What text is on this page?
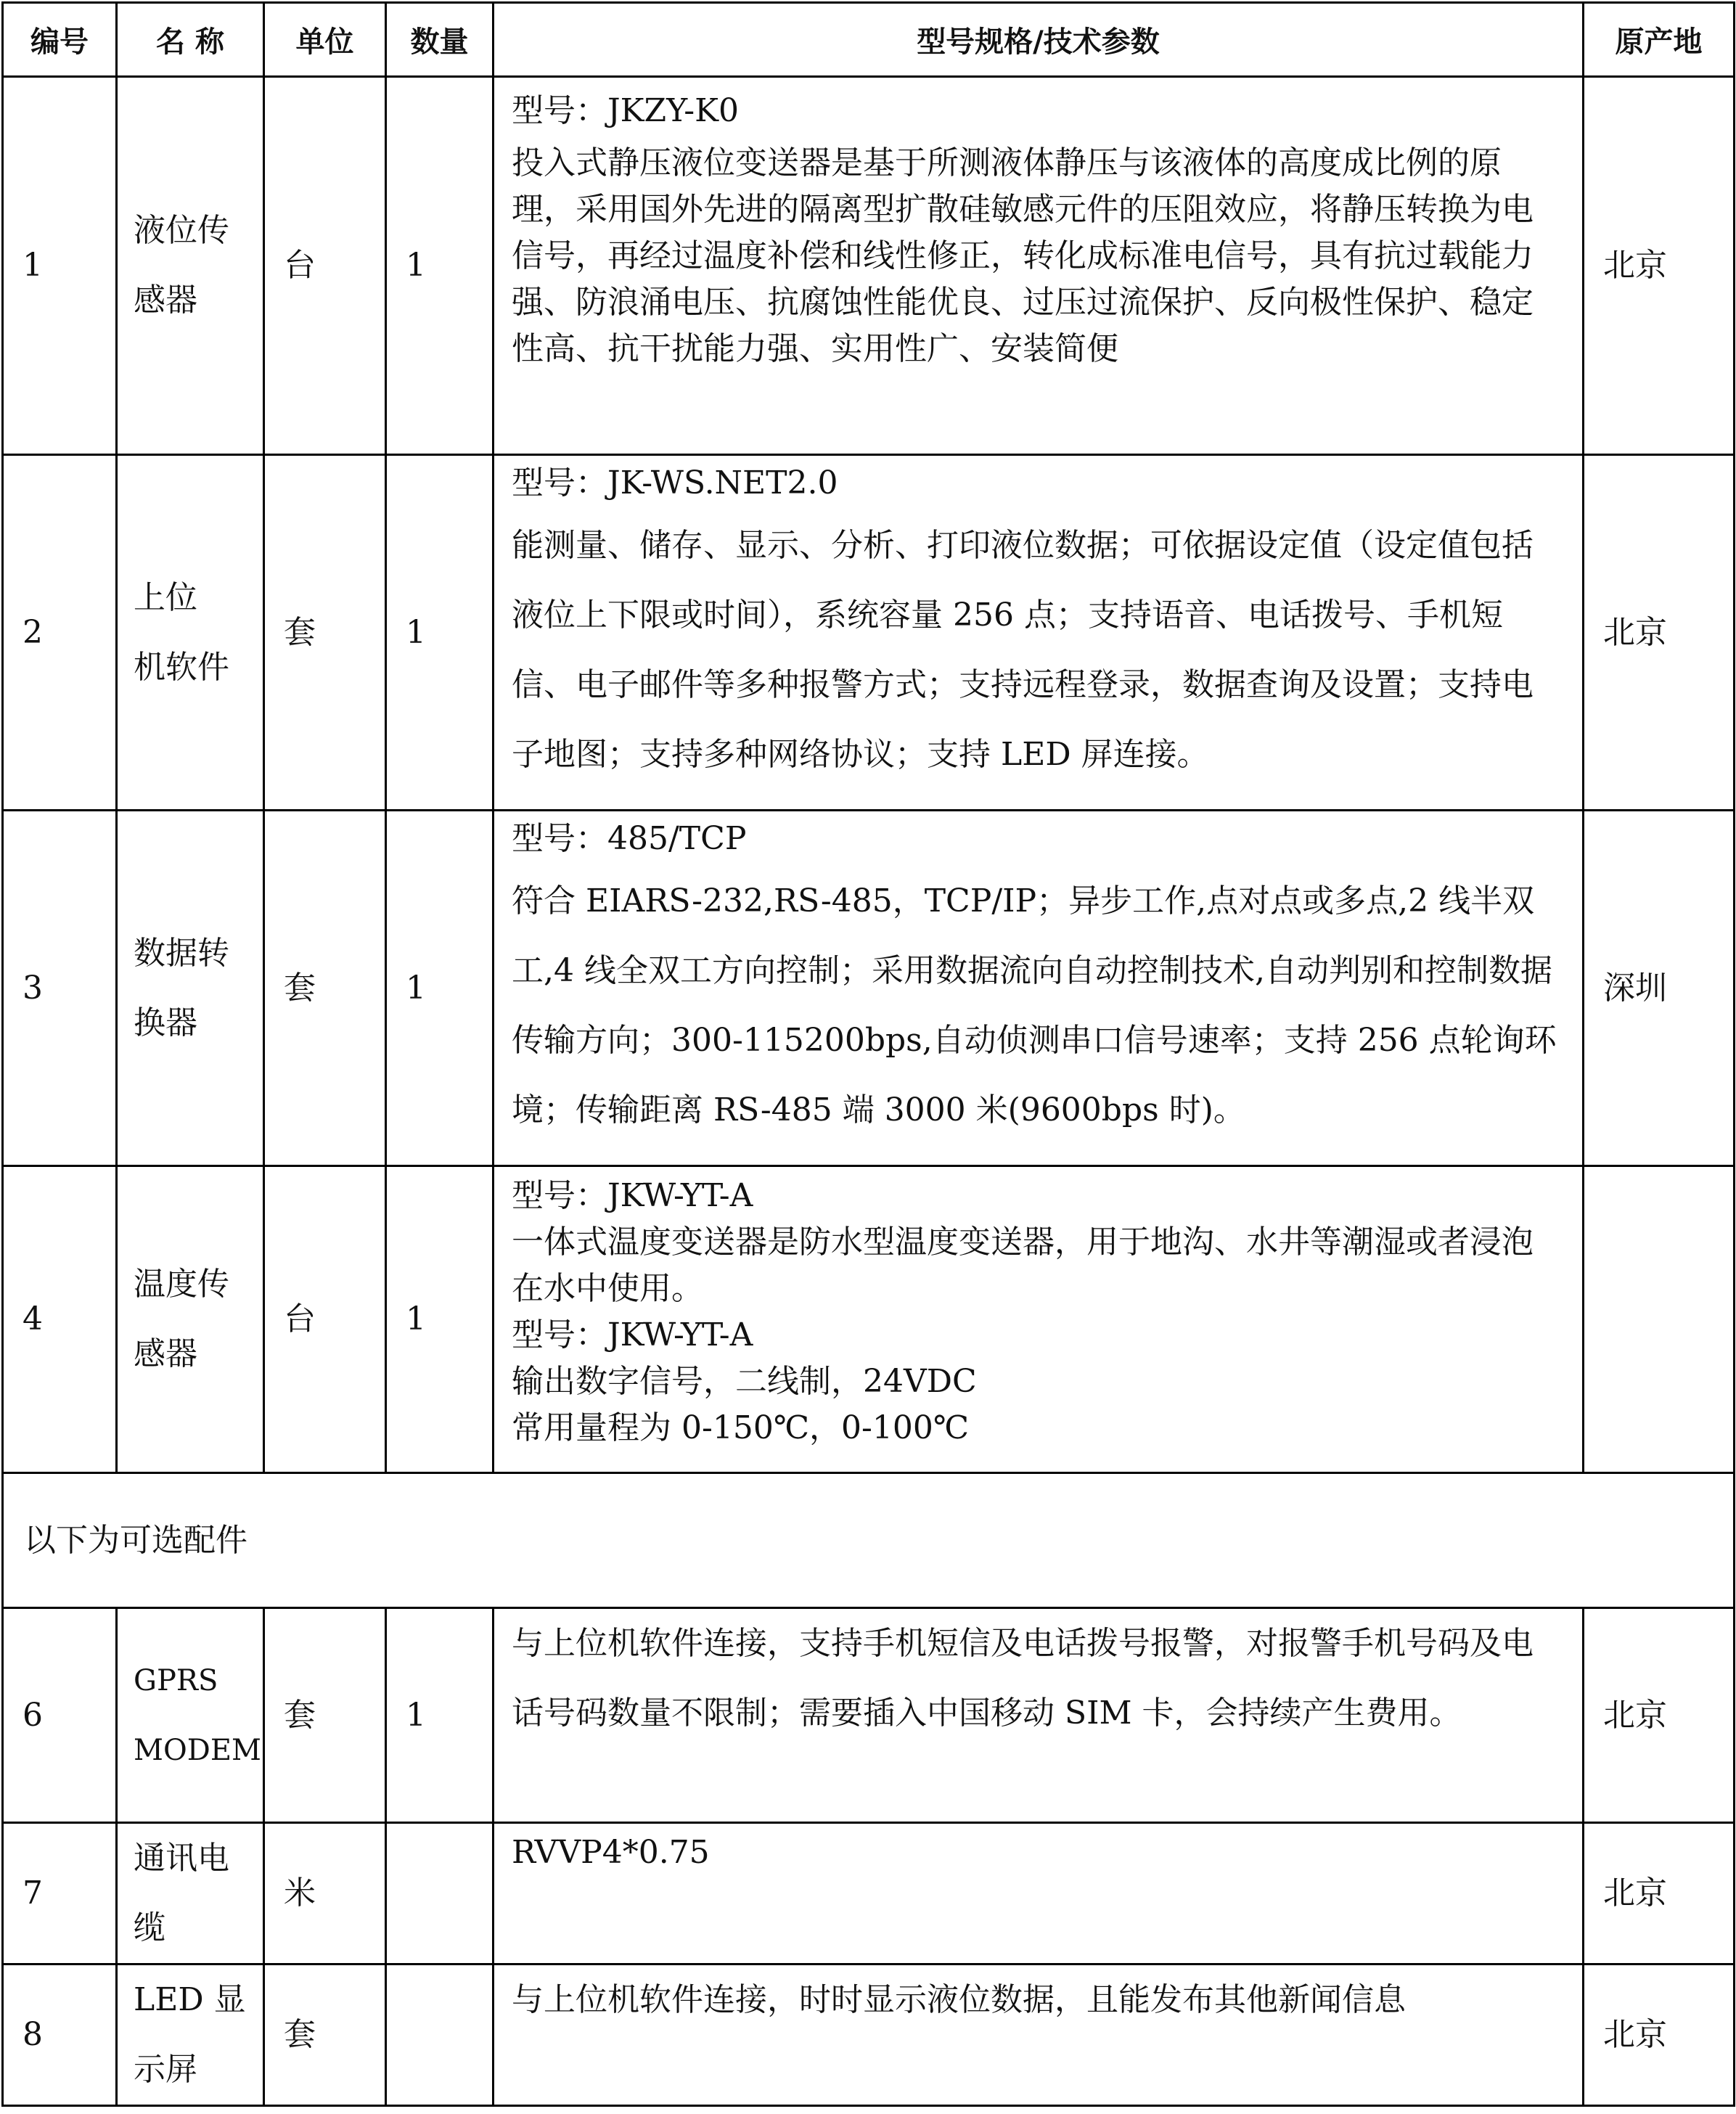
编号	名 称	单位	数量	型号规格/技术参数	原产地
1	液位传
感器	台	1	型号：JKZY-K0
投入式静压液位变送器是基于所测液体静压与该液体的高度成比例的原理，采用国外先进的隔离型扩散硅敏感元件的压阻效应，将静压转换为电信号，再经过温度补偿和线性修正，转化成标准电信号，具有抗过载能力强、防浪涌电压、抗腐蚀性能优良、过压过流保护、反向极性保护、稳定性高、抗干扰能力强、实用性广、安装简便	北京
2	上位
机软件	套	1	型号：JK-WS.NET2.0
能测量、储存、显示、分析、打印液位数据；可依据设定值（设定值包括液位上下限或时间），系统容量 256 点；支持语音、电话拨号、手机短信、电子邮件等多种报警方式；支持远程登录，数据查询及设置；支持电子地图；支持多种网络协议；支持 LED 屏连接。	北京
3	数据转
换器	套	1	型号：485/TCP
符合 EIARS-232,RS-485，TCP/IP；异步工作,点对点或多点,2 线半双工,4 线全双工方向控制；采用数据流向自动控制技术,自动判别和控制数据传输方向；300-115200bps,自动侦测串口信号速率；支持 256 点轮询环境；传输距离 RS-485 端 3000 米(9600bps 时)。	深圳
4	温度传
感器	台	1	型号：JKW-YT-A
一体式温度变送器是防水型温度变送器，用于地沟、水井等潮湿或者浸泡在水中使用。
型号：JKW-YT-A
输出数字信号，二线制，24VDC
常用量程为 0-150℃，0-100℃	

以下为可选配件					
6	GPRS
MODEM	套	1	与上位机软件连接，支持手机短信及电话拨号报警，对报警手机号码及电话号码数量不限制；需要插入中国移动 SIM 卡，会持续产生费用。	北京
7	通讯电
缆	米		RVVP4*0.75	北京
8	LED 显
示屏	套		与上位机软件连接，时时显示液位数据，且能发布其他新闻信息	北京
